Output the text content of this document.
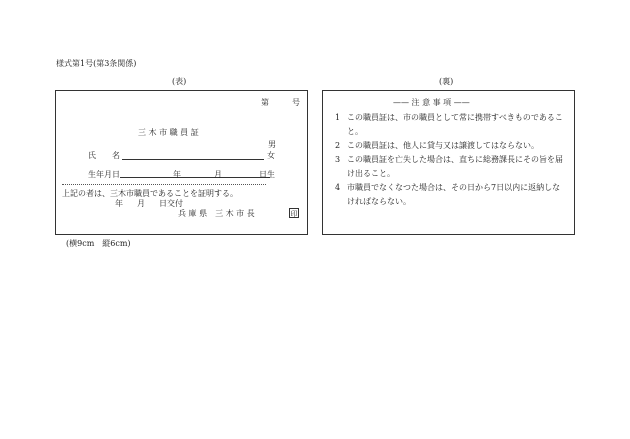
様式第1号(第3条関係)
(表)	(裏)
第	号
三 木 市 職 員 証
男
氏　　名	女
生年月日	年	月	日生
上記の者は、三木市職員であることを証明する。
年 月 日交付
兵 庫 県　三 木 市 長	印
—— 注 意 事 項 ——
1 この職員証は、市の職員として常に携帯すべきものであること。
2 この職員証は、他人に貸与又は譲渡してはならない。
3 この職員証を亡失した場合は、直ちに総務課長にその旨を届け出ること。
4 市職員でなくなつた場合は、その日から7日以内に返納しなければならない。
(横9cm　縦6cm)
